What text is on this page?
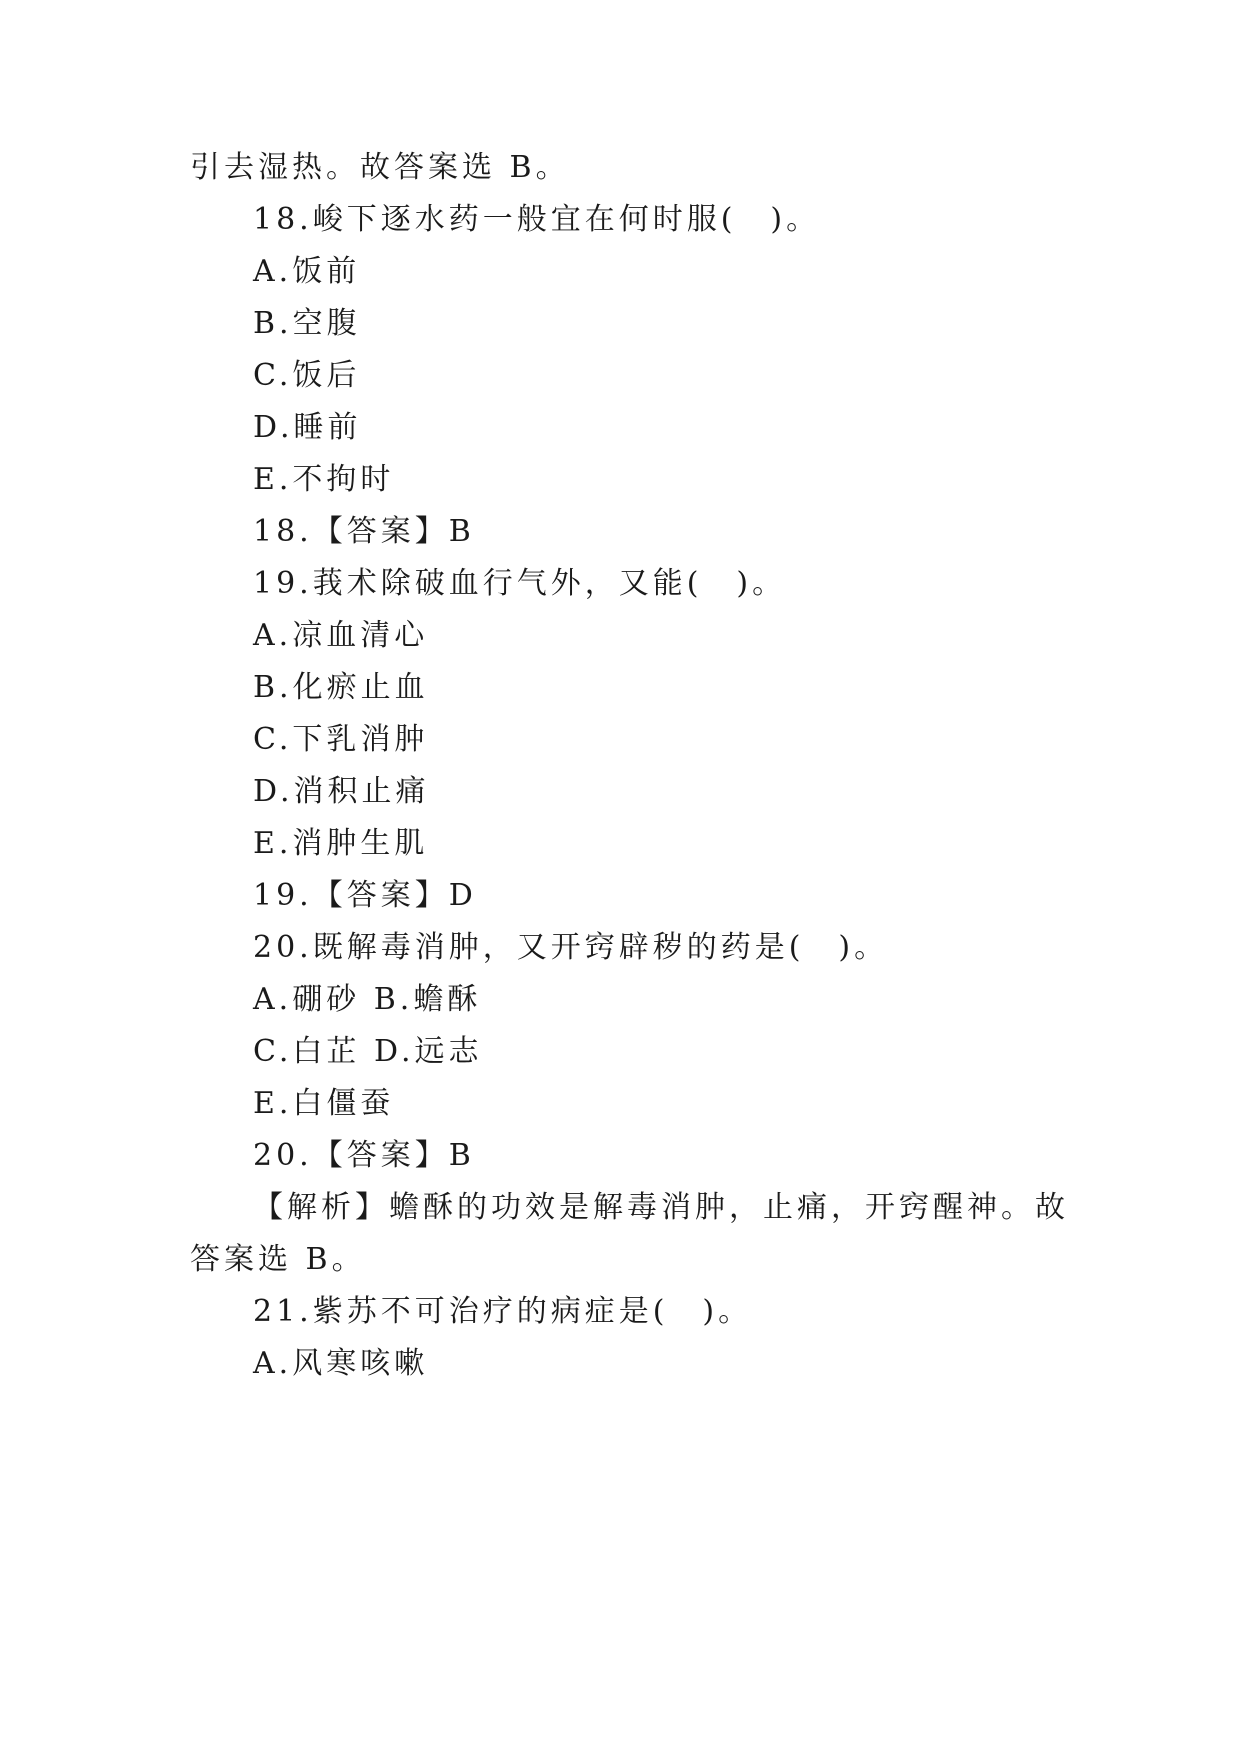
引去湿热。故答案选 B。
18.峻下逐水药一般宜在何时服(　)。
A.饭前
B.空腹
C.饭后
D.睡前
E.不拘时
18.【答案】B
19.莪术除破血行气外，又能(　)。
A.凉血清心
B.化瘀止血
C.下乳消肿
D.消积止痛
E.消肿生肌
19.【答案】D
20.既解毒消肿，又开窍辟秽的药是(　)。
A.硼砂 B.蟾酥
C.白芷 D.远志
E.白僵蚕
20.【答案】B
【解析】蟾酥的功效是解毒消肿，止痛，开窍醒神。故
答案选 B。
21.紫苏不可治疗的病症是(　)。
A.风寒咳嗽
